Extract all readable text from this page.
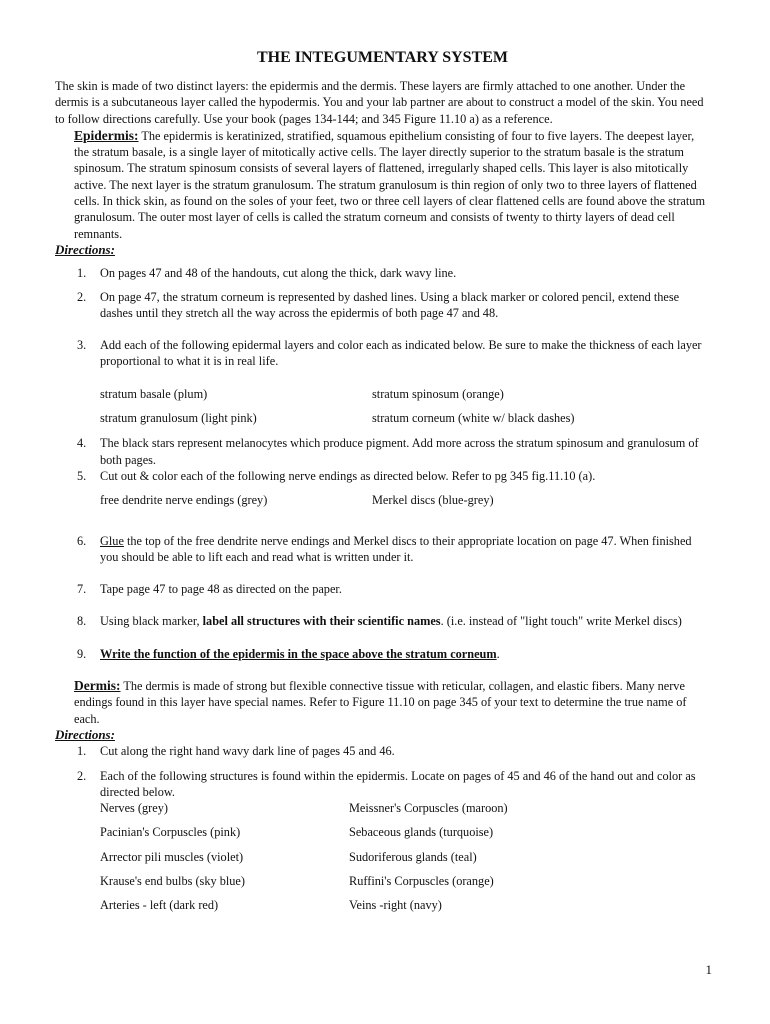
THE INTEGUMENTARY SYSTEM

The skin is made of two distinct layers: the epidermis and the dermis. These layers are firmly attached to one another. Under the dermis is a subcutaneous layer called the hypodermis. You and your lab partner are about to construct a model of the skin. You need to follow directions carefully. Use your book (pages 134-144; and 345 Figure 11.10 a) as a reference.

Epidermis: The epidermis is keratinized, stratified, squamous epithelium consisting of four to five layers. The deepest layer, the stratum basale, is a single layer of mitotically active cells. The layer directly superior to the stratum basale is the stratum spinosum. The stratum spinosum consists of several layers of flattened, irregularly shaped cells. This layer is also mitotically active. The next layer is the stratum granulosum. The stratum granulosum is thin region of only two to three layers of flattened cells. In thick skin, as found on the soles of your feet, two or three cell layers of clear flattened cells are found above the stratum granulosum. The outer most layer of cells is called the stratum corneum and consists of twenty to thirty layers of dead cell remnants.

Directions:
1. On pages 47 and 48 of the handouts, cut along the thick, dark wavy line.
2. On page 47, the stratum corneum is represented by dashed lines. Using a black marker or colored pencil, extend these dashes until they stretch all the way across the epidermis of both page 47 and 48.
3. Add each of the following epidermal layers and color each as indicated below. Be sure to make the thickness of each layer proportional to what it is in real life.
stratum basale (plum)	stratum spinosum (orange)
stratum granulosum (light pink)	stratum corneum (white w/ black dashes)
4. The black stars represent melanocytes which produce pigment. Add more across the stratum spinosum and granulosum of both pages.
5. Cut out & color each of the following nerve endings as directed below. Refer to pg 345 fig.11.10 (a).
free dendrite nerve endings (grey)	Merkel discs (blue-grey)
6. Glue the top of the free dendrite nerve endings and Merkel discs to their appropriate location on page 47. When finished you should be able to lift each and read what is written under it.
7. Tape page 47 to page 48 as directed on the paper.
8. Using black marker, label all structures with their scientific names. (i.e. instead of "light touch" write Merkel discs)
9. Write the function of the epidermis in the space above the stratum corneum.

Dermis: The dermis is made of strong but flexible connective tissue with reticular, collagen, and elastic fibers. Many nerve endings found in this layer have special names. Refer to Figure 11.10 on page 345 of your text to determine the true name of each.

Directions:
1. Cut along the right hand wavy dark line of pages 45 and 46.
2. Each of the following structures is found within the epidermis. Locate on pages of 45 and 46 of the hand out and color as directed below.
Nerves (grey)	Meissner's Corpuscles (maroon)
Pacinian's Corpuscles (pink)	Sebaceous glands (turquoise)
Arrector pili muscles (violet)	Sudoriferous glands (teal)
Krause's end bulbs (sky blue)	Ruffini's Corpuscles (orange)
Arteries - left (dark red)	Veins -right (navy)
1
